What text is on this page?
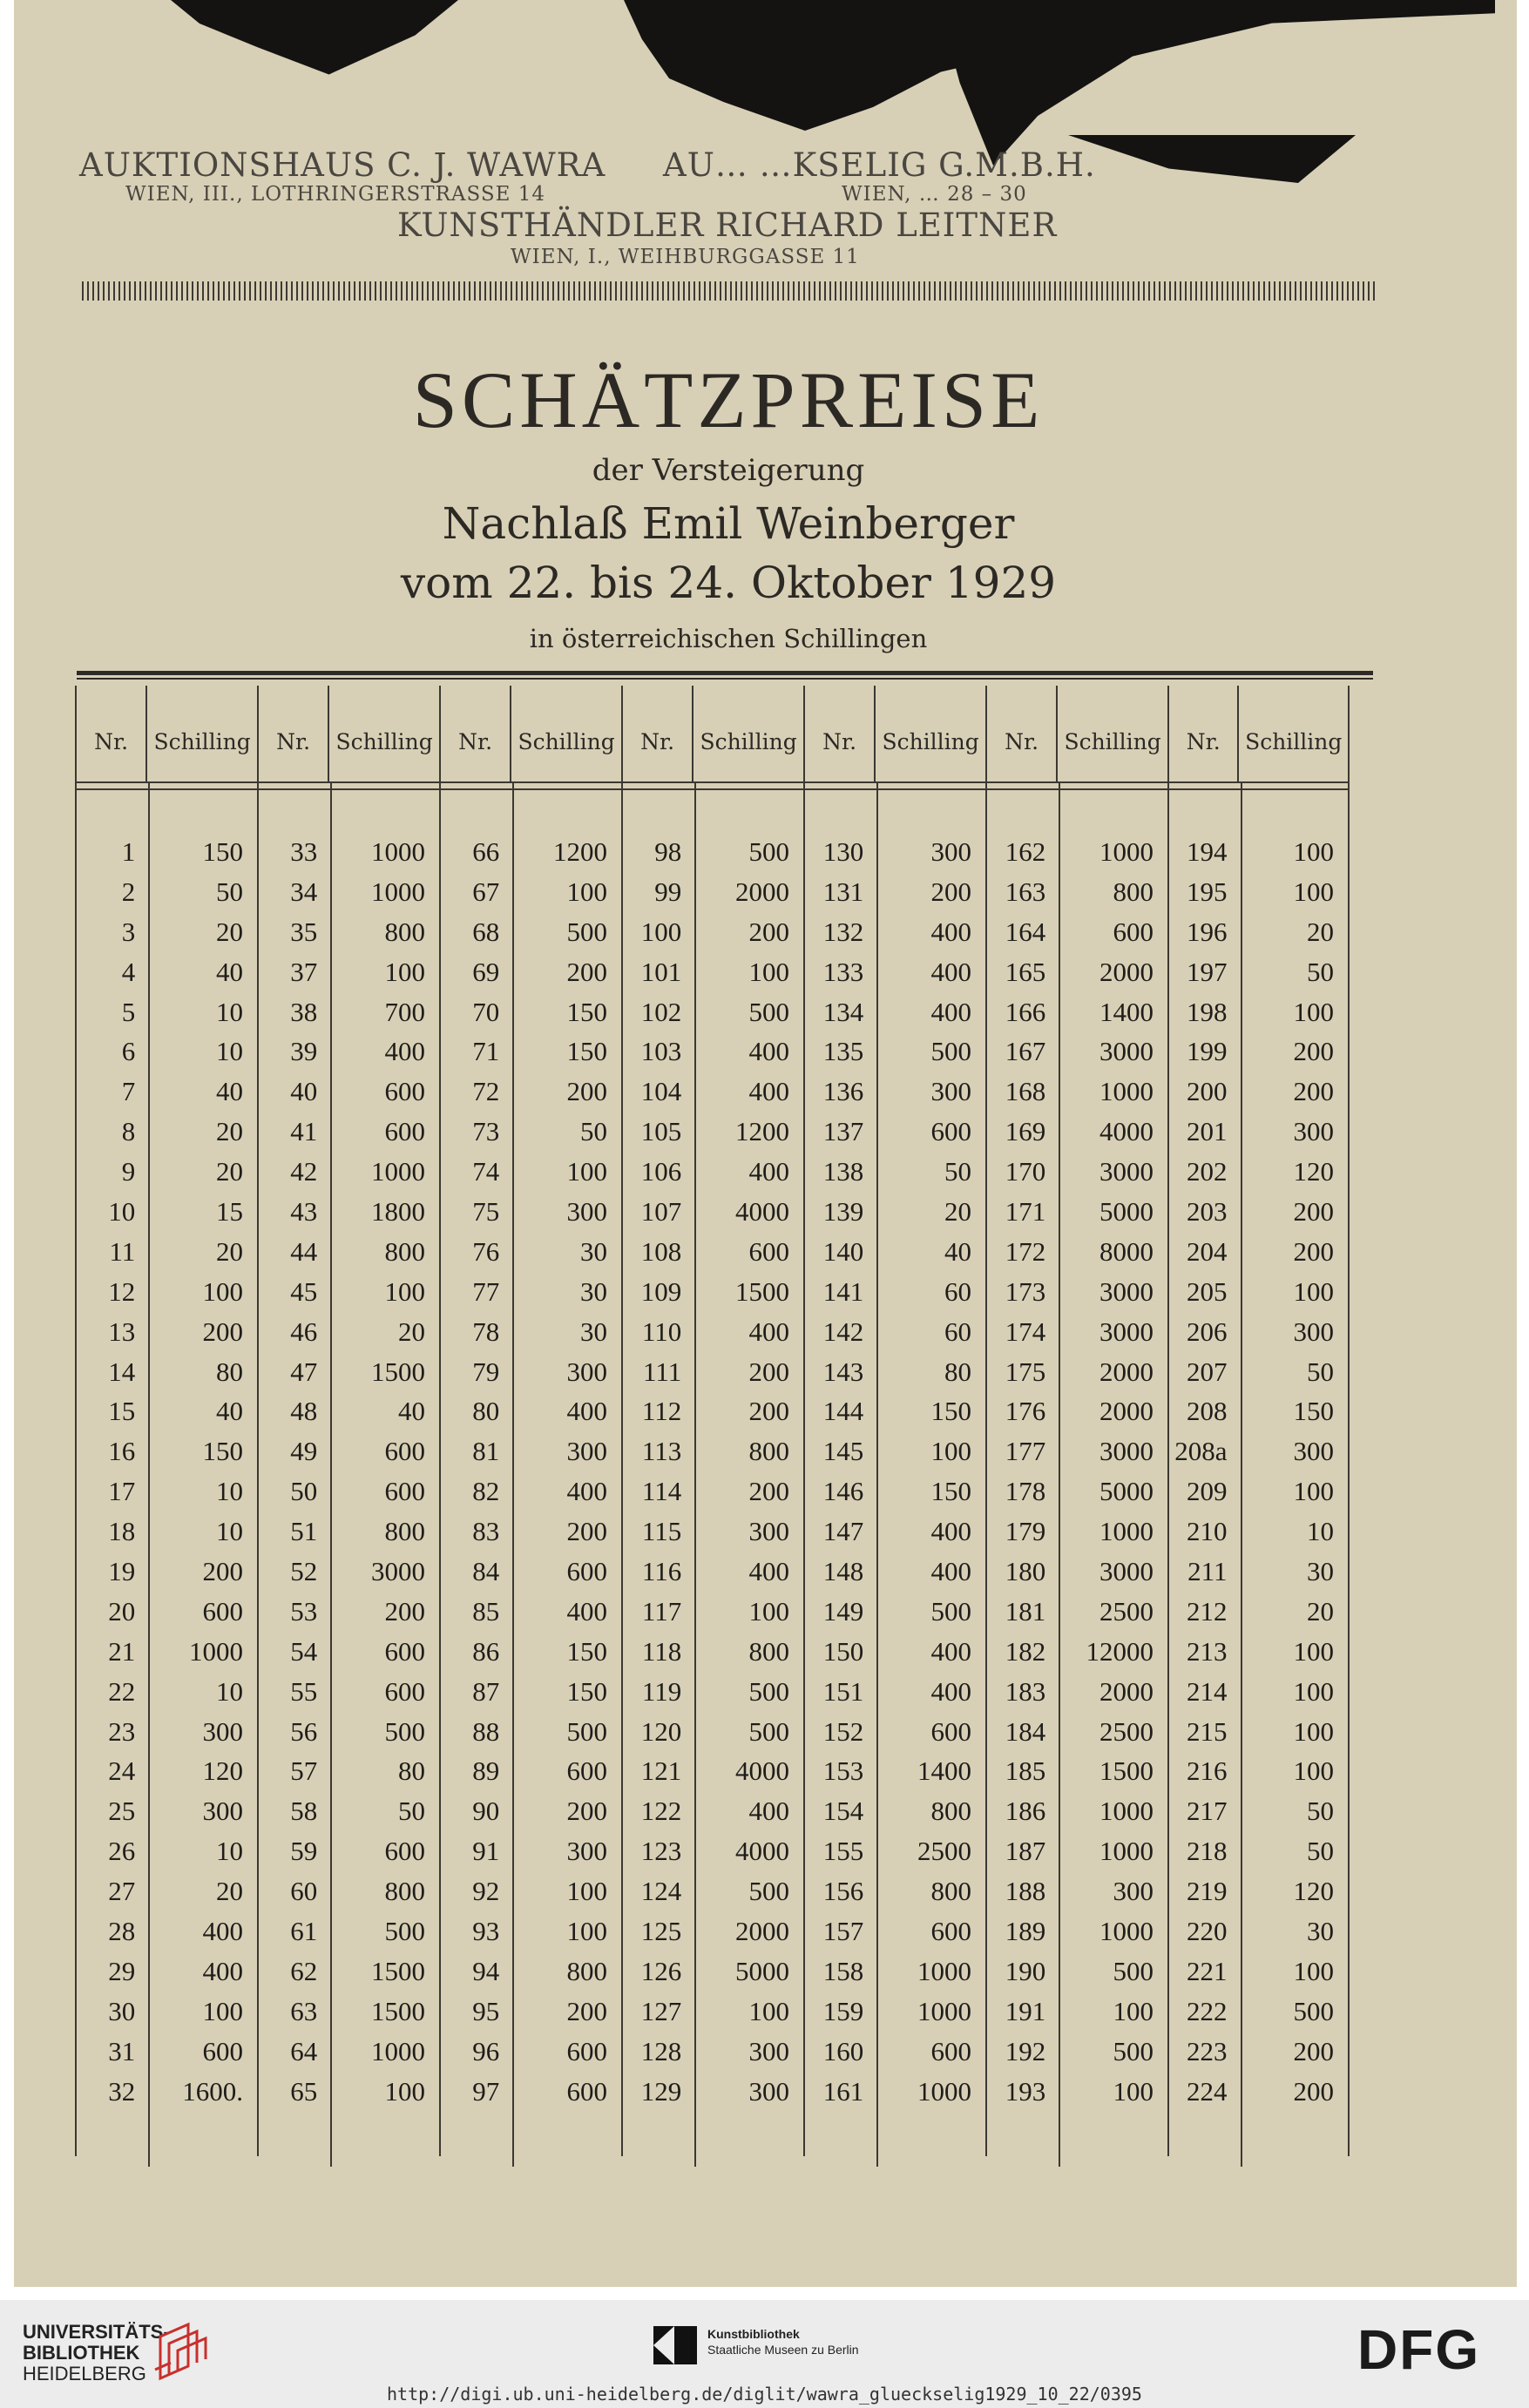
AUKTIONSHAUS C. J. WAWRA
WIEN, III., LOTHRINGERSTRASSE 14
AU… …KSELIG G.M.B.H.
WIEN, … 28 – 30
KUNSTHÄNDLER RICHARD LEITNER
WIEN, I., WEIHBURGGASSE 11
SCHÄTZPREISE
der Versteigerung
Nachlaß Emil Weinberger
vom 22. bis 24. Oktober 1929
in österreichischen Schillingen
Nr.	Schilling
1	150
2	50
3	20
4	40
5	10
6	10
7	40
8	20
9	20
10	15
11	20
12	100
13	200
14	80
15	40
16	150
17	10
18	10
19	200
20	600
21	1000
22	10
23	300
24	120
25	300
26	10
27	20
28	400
29	400
30	100
31	600
32	1600.
Nr.	Schilling
33	1000
34	1000
35	800
37	100
38	700
39	400
40	600
41	600
42	1000
43	1800
44	800
45	100
46	20
47	1500
48	40
49	600
50	600
51	800
52	3000
53	200
54	600
55	600
56	500
57	80
58	50
59	600
60	800
61	500
62	1500
63	1500
64	1000
65	100
Nr.	Schilling
66	1200
67	100
68	500
69	200
70	150
71	150
72	200
73	50
74	100
75	300
76	30
77	30
78	30
79	300
80	400
81	300
82	400
83	200
84	600
85	400
86	150
87	150
88	500
89	600
90	200
91	300
92	100
93	100
94	800
95	200
96	600
97	600
Nr.	Schilling
98	500
99	2000
100	200
101	100
102	500
103	400
104	400
105	1200
106	400
107	4000
108	600
109	1500
110	400
111	200
112	200
113	800
114	200
115	300
116	400
117	100
118	800
119	500
120	500
121	4000
122	400
123	4000
124	500
125	2000
126	5000
127	100
128	300
129	300
Nr.	Schilling
130	300
131	200
132	400
133	400
134	400
135	500
136	300
137	600
138	50
139	20
140	40
141	60
142	60
143	80
144	150
145	100
146	150
147	400
148	400
149	500
150	400
151	400
152	600
153	1400
154	800
155	2500
156	800
157	600
158	1000
159	1000
160	600
161	1000
Nr.	Schilling
162	1000
163	800
164	600
165	2000
166	1400
167	3000
168	1000
169	4000
170	3000
171	5000
172	8000
173	3000
174	3000
175	2000
176	2000
177	3000
178	5000
179	1000
180	3000
181	2500
182	12000
183	2000
184	2500
185	1500
186	1000
187	1000
188	300
189	1000
190	500
191	100
192	500
193	100
Nr.	Schilling
194	100
195	100
196	20
197	50
198	100
199	200
200	200
201	300
202	120
203	200
204	200
205	100
206	300
207	50
208	150
208a	300
209	100
210	10
211	30
212	20
213	100
214	100
215	100
216	100
217	50
218	50
219	120
220	30
221	100
222	500
223	200
224	200
UNIVERSITÄTS-
BIBLIOTHEK
HEIDELBERG
Kunstbibliothek
Staatliche Museen zu Berlin	DFG
http://digi.ub.uni-heidelberg.de/diglit/wawra_glueckselig1929_10_22/0395
